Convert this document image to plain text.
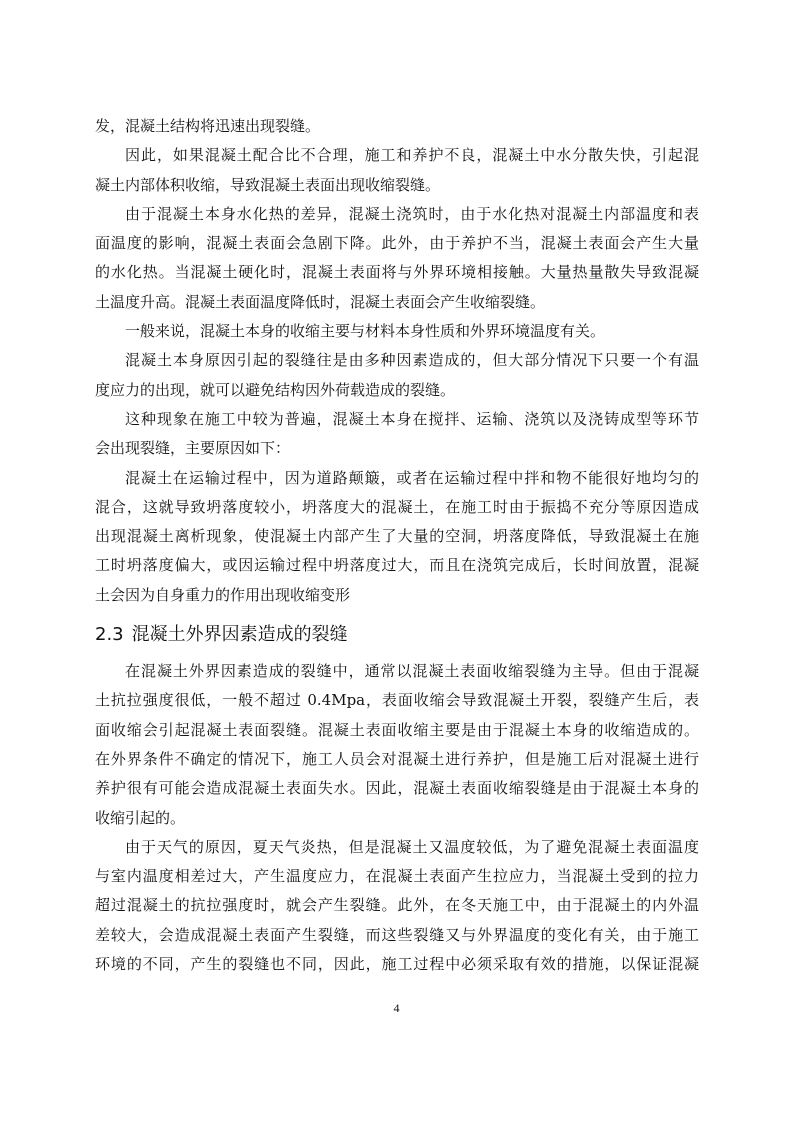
发，混凝土结构将迅速出现裂缝。
因此，如果混凝土配合比不合理，施工和养护不良，混凝土中水分散失快，引起混
凝土内部体积收缩，导致混凝土表面出现收缩裂缝。
由于混凝土本身水化热的差异，混凝土浇筑时，由于水化热对混凝土内部温度和表
面温度的影响，混凝土表面会急剧下降。此外，由于养护不当，混凝土表面会产生大量
的水化热。当混凝土硬化时，混凝土表面将与外界环境相接触。大量热量散失导致混凝
土温度升高。混凝土表面温度降低时，混凝土表面会产生收缩裂缝。
一般来说，混凝土本身的收缩主要与材料本身性质和外界环境温度有关。
混凝土本身原因引起的裂缝往是由多种因素造成的，但大部分情况下只要一个有温
度应力的出现，就可以避免结构因外荷载造成的裂缝。
这种现象在施工中较为普遍，混凝土本身在搅拌、运输、浇筑以及浇铸成型等环节
会出现裂缝，主要原因如下：
混凝土在运输过程中，因为道路颠簸，或者在运输过程中拌和物不能很好地均匀的
混合，这就导致坍落度较小，坍落度大的混凝土，在施工时由于振捣不充分等原因造成
出现混凝土离析现象，使混凝土内部产生了大量的空洞，坍落度降低，导致混凝土在施
工时坍落度偏大，或因运输过程中坍落度过大，而且在浇筑完成后，长时间放置，混凝
土会因为自身重力的作用出现收缩变形
2.3 混凝土外界因素造成的裂缝
在混凝土外界因素造成的裂缝中，通常以混凝土表面收缩裂缝为主导。但由于混凝
土抗拉强度很低，一般不超过 0.4Mpa，表面收缩会导致混凝土开裂，裂缝产生后，表
面收缩会引起混凝土表面裂缝。混凝土表面收缩主要是由于混凝土本身的收缩造成的。
在外界条件不确定的情况下，施工人员会对混凝土进行养护，但是施工后对混凝土进行
养护很有可能会造成混凝土表面失水。因此，混凝土表面收缩裂缝是由于混凝土本身的
收缩引起的。
由于天气的原因，夏天气炎热，但是混凝土又温度较低，为了避免混凝土表面温度
与室内温度相差过大，产生温度应力，在混凝土表面产生拉应力，当混凝土受到的拉力
超过混凝土的抗拉强度时，就会产生裂缝。此外，在冬天施工中，由于混凝土的内外温
差较大，会造成混凝土表面产生裂缝，而这些裂缝又与外界温度的变化有关，由于施工
环境的不同，产生的裂缝也不同，因此，施工过程中必须采取有效的措施，以保证混凝
4
